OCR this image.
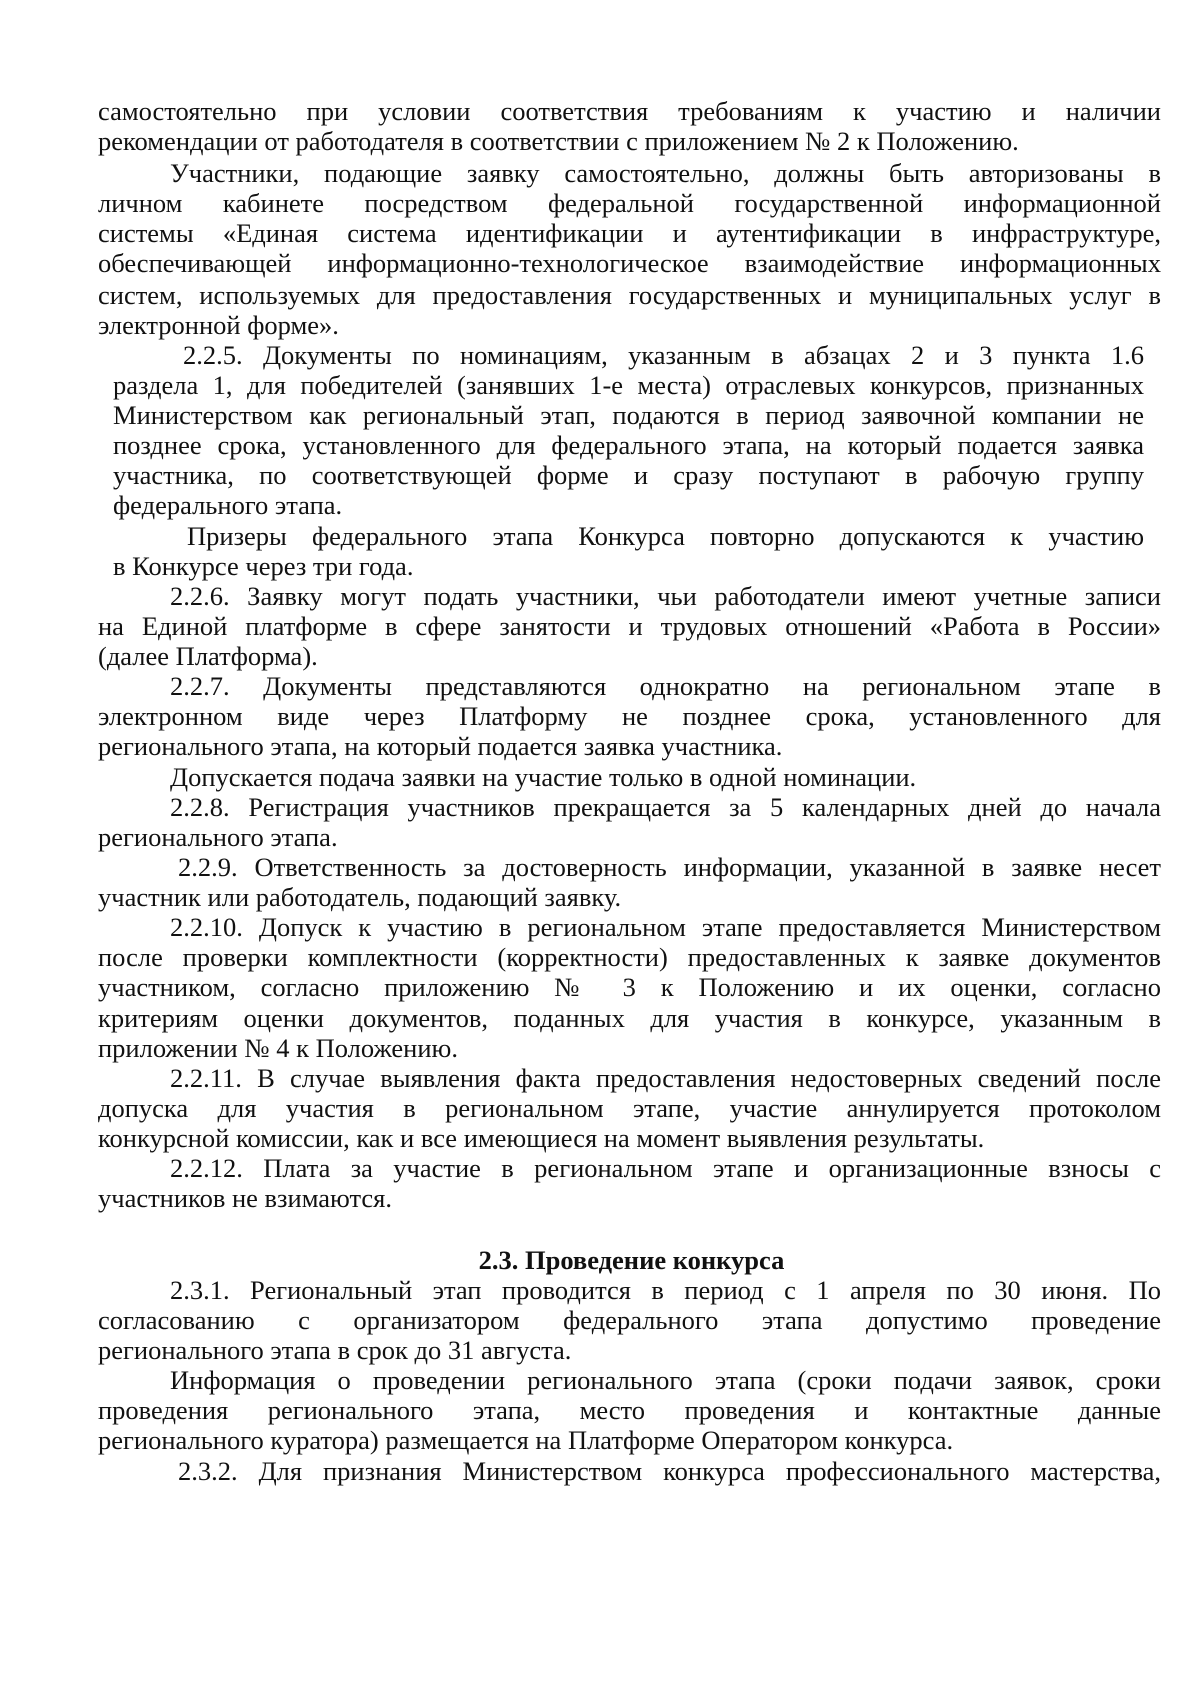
самостоятельно при условии соответствия требованиям к участию и наличии

рекомендации от работодателя в соответствии с приложением № 2 к Положению.

Участники, подающие заявку самостоятельно, должны быть авторизованы в

личном кабинете посредством федеральной государственной информационной

системы «Единая система идентификации и аутентификации в инфраструктуре,

обеспечивающей информационно-технологическое взаимодействие информационных

систем, используемых для предоставления государственных и муниципальных услуг в

электронной форме».

2.2.5. Документы по номинациям, указанным в абзацах 2 и 3 пункта 1.6

раздела 1, для победителей (занявших 1-е места) отраслевых конкурсов, признанных

Министерством как региональный этап, подаются в период заявочной компании не

позднее срока, установленного для федерального этапа, на который подается заявка

участника, по соответствующей форме и сразу поступают в рабочую группу

федерального этапа.

Призеры федерального этапа Конкурса повторно допускаются к участию

в Конкурсе через три года.

2.2.6. Заявку могут подать участники, чьи работодатели имеют учетные записи

на Единой платформе в сфере занятости и трудовых отношений «Работа в России»

(далее Платформа).

2.2.7. Документы представляются однократно на региональном этапе в

электронном виде через Платформу не позднее срока, установленного для

регионального этапа, на который подается заявка участника.

Допускается подача заявки на участие только в одной номинации.

2.2.8. Регистрация участников прекращается за 5 календарных дней до начала

регионального этапа.

2.2.9. Ответственность за достоверность информации, указанной в заявке несет

участник или работодатель, подающий заявку.

2.2.10. Допуск к участию в региональном этапе предоставляется Министерством

после проверки комплектности (корректности) предоставленных к заявке документов

участником, согласно приложению № 3 к Положению и их оценки, согласно

критериям оценки документов, поданных для участия в конкурсе, указанным в

приложении № 4 к Положению.

2.2.11. В случае выявления факта предоставления недостоверных сведений после

допуска для участия в региональном этапе, участие аннулируется протоколом

конкурсной комиссии, как и все имеющиеся на момент выявления результаты.

2.2.12. Плата за участие в региональном этапе и организационные взносы с

участников не взимаются.

2.3. Проведение конкурса

2.3.1. Региональный этап проводится в период с 1 апреля по 30 июня. По

согласованию с организатором федерального этапа допустимо проведение

регионального этапа в срок до 31 августа.

Информация о проведении регионального этапа (сроки подачи заявок, сроки

проведения регионального этапа, место проведения и контактные данные

регионального куратора) размещается на Платформе Оператором конкурса.

2.3.2. Для признания Министерством конкурса профессионального мастерства,
